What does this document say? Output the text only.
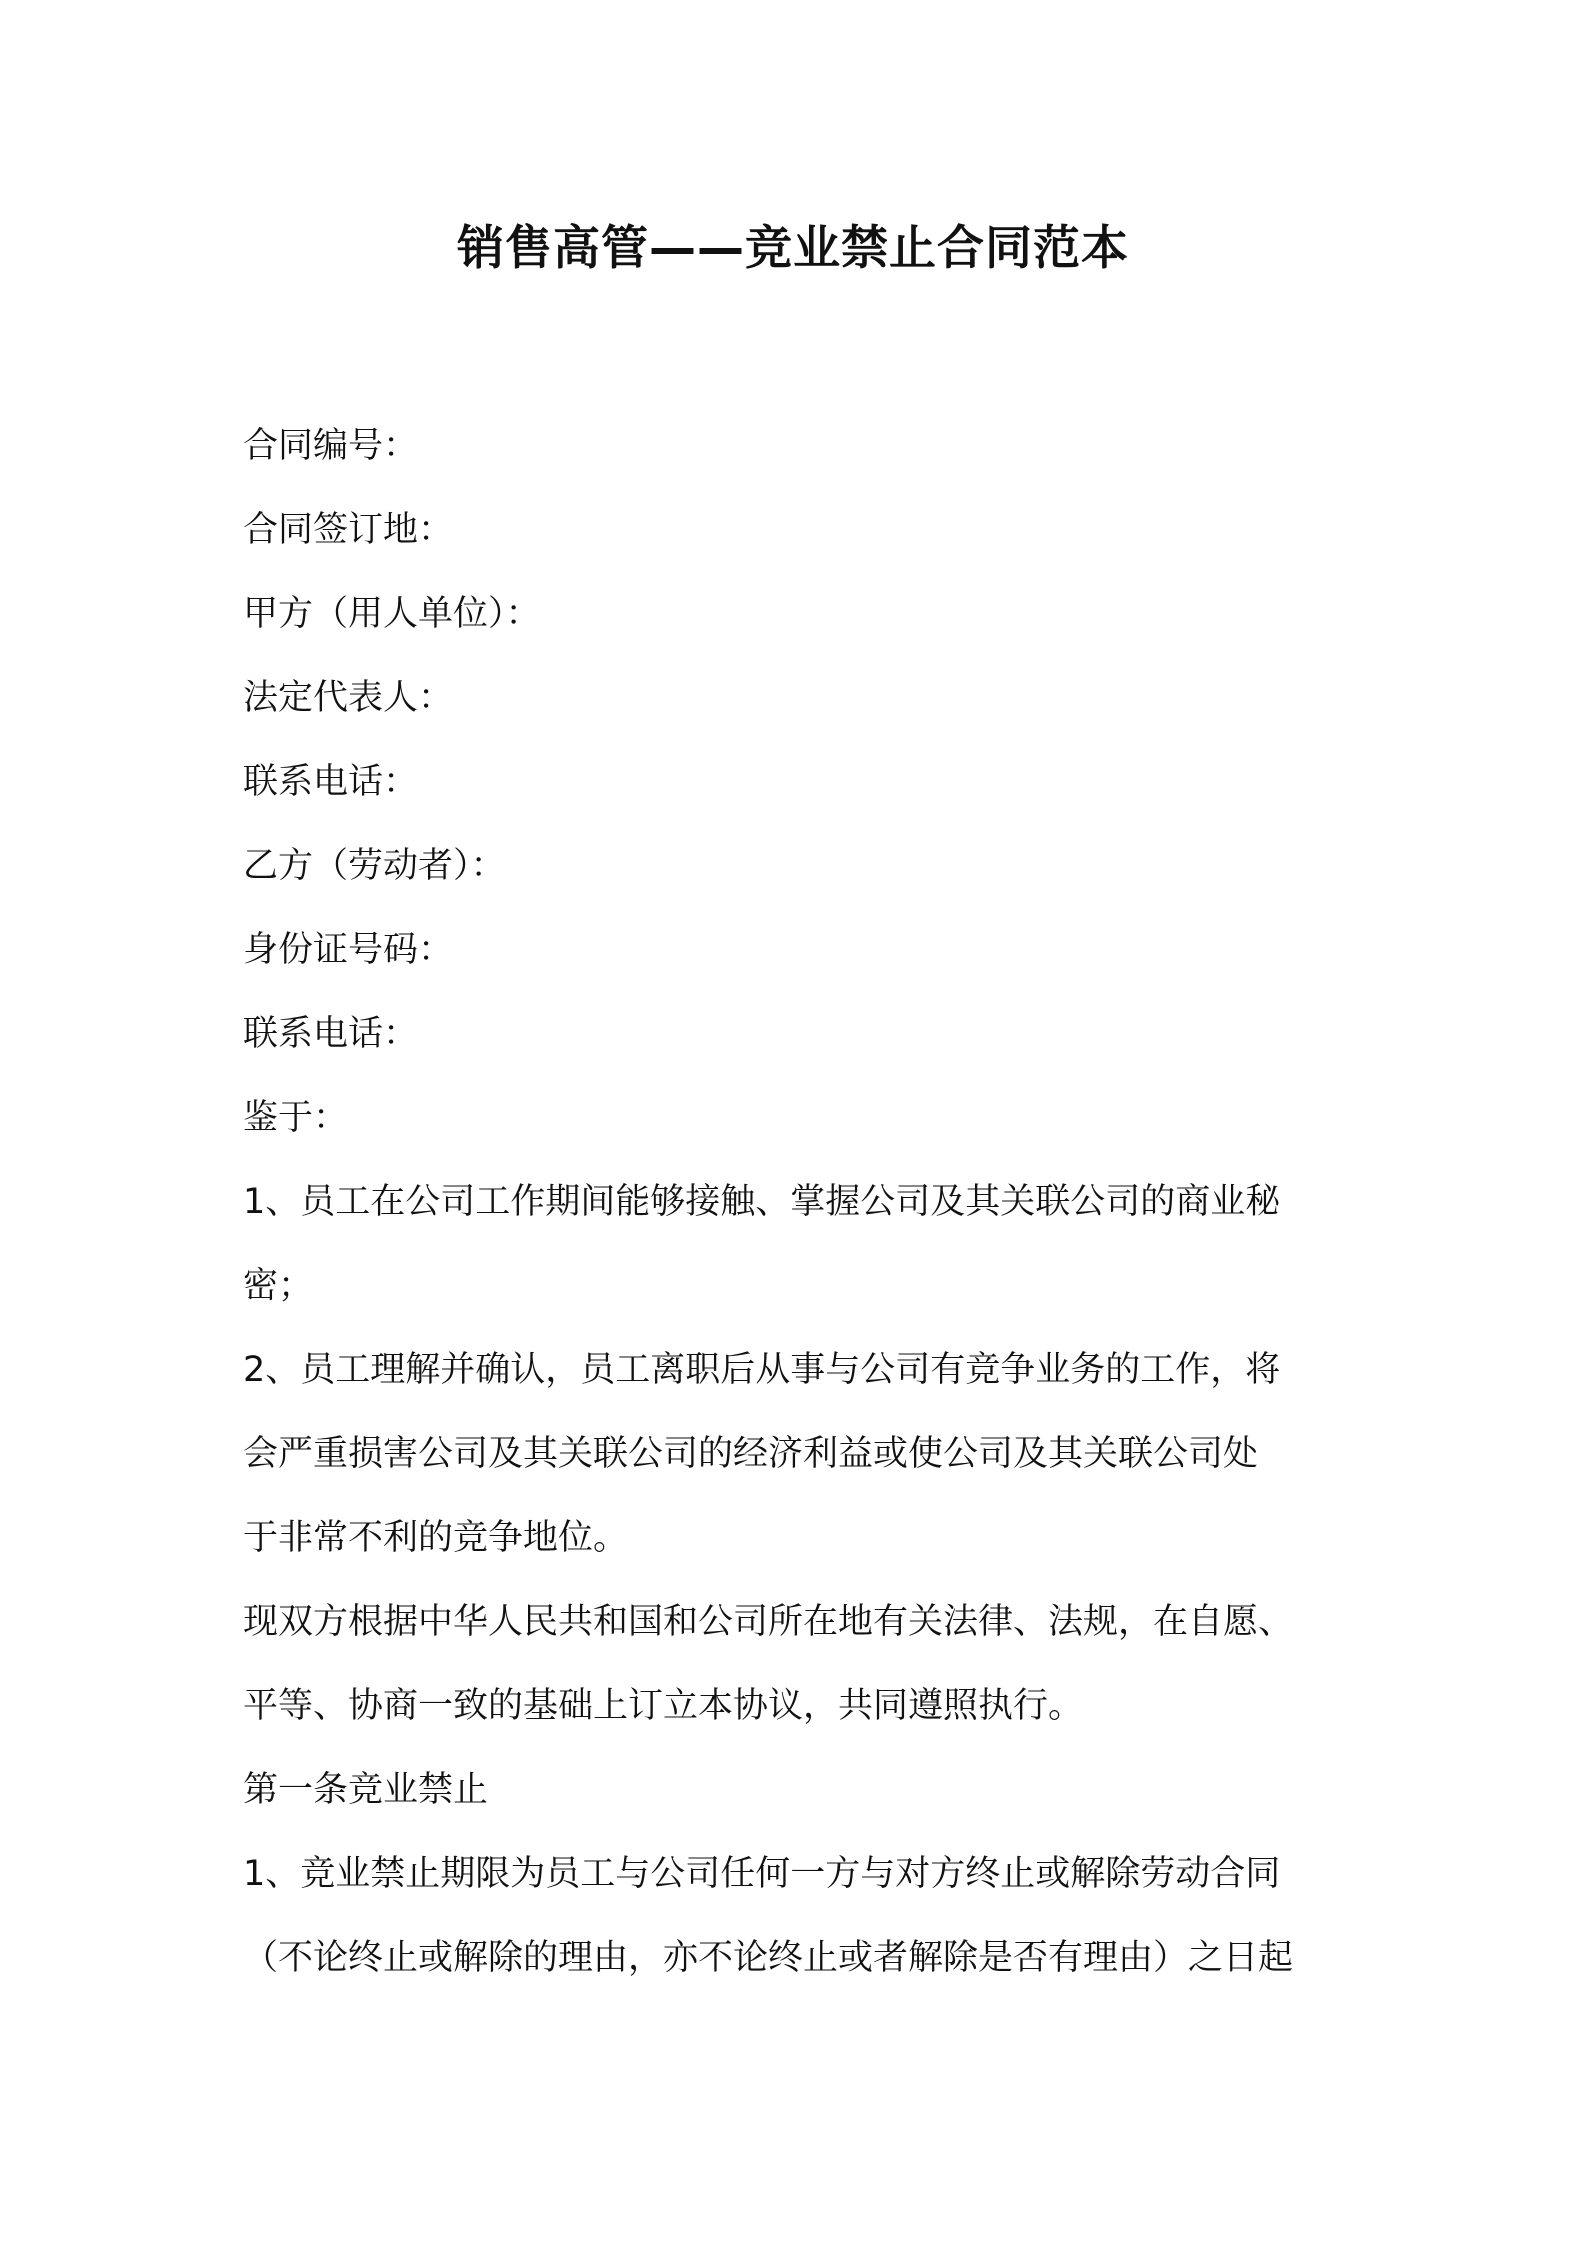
销售高管——竞业禁止合同范本
合同编号：
合同签订地：
甲方（用人单位）：
法定代表人：
联系电话：
乙方（劳动者）：
身份证号码：
联系电话：
鉴于：
1、员工在公司工作期间能够接触、掌握公司及其关联公司的商业秘
密；
2、员工理解并确认，员工离职后从事与公司有竞争业务的工作，将
会严重损害公司及其关联公司的经济利益或使公司及其关联公司处
于非常不利的竞争地位。
现双方根据中华人民共和国和公司所在地有关法律、法规，在自愿、
平等、协商一致的基础上订立本协议，共同遵照执行。
第一条竞业禁止
1、竞业禁止期限为员工与公司任何一方与对方终止或解除劳动合同
（不论终止或解除的理由，亦不论终止或者解除是否有理由）之日起
